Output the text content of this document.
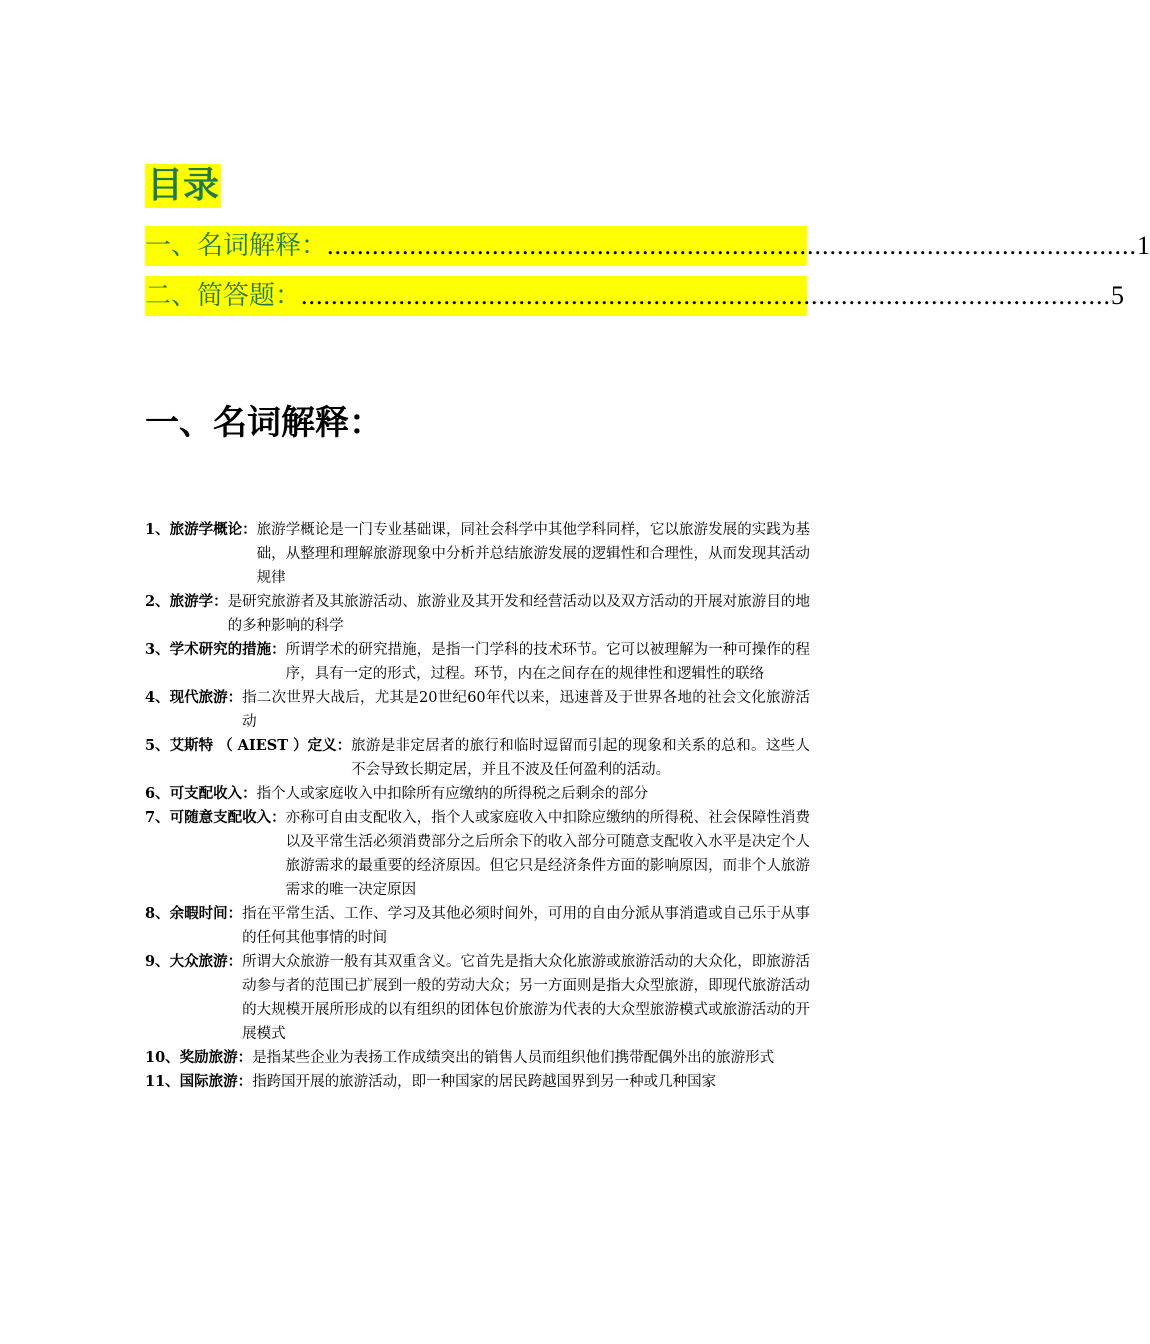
目录
一、名词解释： ............................................................................................................ 1
二、简答题： ............................................................................................................ 5
一、名词解释：
1、旅游学概论： 旅游学概论是一门专业基础课，同社会科学中其他学科同样，它以旅游发展的实践为基础，从整理和理解旅游现象中分析并总结旅游发展的逻辑性和合理性，从而发现其活动规律
2、旅游学： 是研究旅游者及其旅游活动、旅游业及其开发和经营活动以及双方活动的开展对旅游目的地的多种影响的科学
3、学术研究的措施： 所谓学术的研究措施，是指一门学科的技术环节。它可以被理解为一种可操作的程序，具有一定的形式，过程。环节，内在之间存在的规律性和逻辑性的联络
4、现代旅游： 指二次世界大战后，尤其是20世纪60年代以来，迅速普及于世界各地的社会文化旅游活动
5、艾斯特 （ AIEST ）定义： 旅游是非定居者的旅行和临时逗留而引起的现象和关系的总和。这些人不会导致长期定居，并且不波及任何盈利的活动。
6、可支配收入： 指个人或家庭收入中扣除所有应缴纳的所得税之后剩余的部分
7、可随意支配收入： 亦称可自由支配收入，指个人或家庭收入中扣除应缴纳的所得税、社会保障性消费以及平常生活必须消费部分之后所余下的收入部分可随意支配收入水平是决定个人旅游需求的最重要的经济原因。但它只是经济条件方面的影响原因，而非个人旅游需求的唯一决定原因
8、余暇时间： 指在平常生活、工作、学习及其他必须时间外，可用的自由分派从事消遣或自己乐于从事的任何其他事情的时间
9、大众旅游： 所谓大众旅游一般有其双重含义。它首先是指大众化旅游或旅游活动的大众化，即旅游活动参与者的范围已扩展到一般的劳动大众；另一方面则是指大众型旅游，即现代旅游活动的大规模开展所形成的以有组织的团体包价旅游为代表的大众型旅游模式或旅游活动的开展模式
10、奖励旅游： 是指某些企业为表扬工作成绩突出的销售人员而组织他们携带配偶外出的旅游形式
11、国际旅游： 指跨国开展的旅游活动，即一种国家的居民跨越国界到另一种或几种国家
